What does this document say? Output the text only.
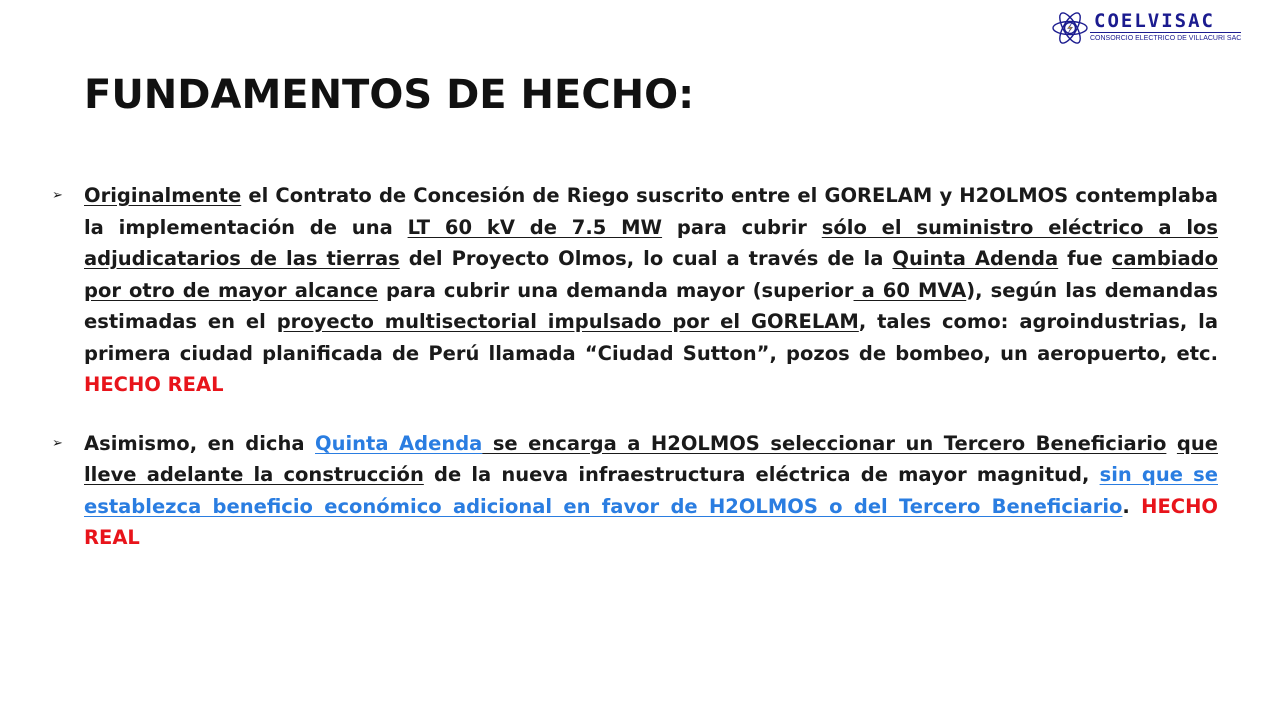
COELVISAC
CONSORCIO ELECTRICO DE VILLACURI SAC
FUNDAMENTOS DE HECHO:
➢ Originalmente el Contrato de Concesión de Riego suscrito entre el GORELAM y H2OLMOS contemplaba la implementación de una LT 60 kV de 7.5 MW para cubrir sólo el suministro eléctrico a los adjudicatarios de las tierras del Proyecto Olmos, lo cual a través de la Quinta Adenda fue cambiado por otro de mayor alcance para cubrir una demanda mayor (superior a 60 MVA), según las demandas estimadas en el proyecto multisectorial impulsado por el GORELAM, tales como: agroindustrias, la primera ciudad planificada de Perú llamada “Ciudad Sutton”, pozos de bombeo, un aeropuerto, etc. HECHO REAL
➢ Asimismo, en dicha Quinta Adenda se encarga a H2OLMOS seleccionar un Tercero Beneficiario que lleve adelante la construcción de la nueva infraestructura eléctrica de mayor magnitud, sin que se establezca beneficio económico adicional en favor de H2OLMOS o del Tercero Beneficiario. HECHO REAL
